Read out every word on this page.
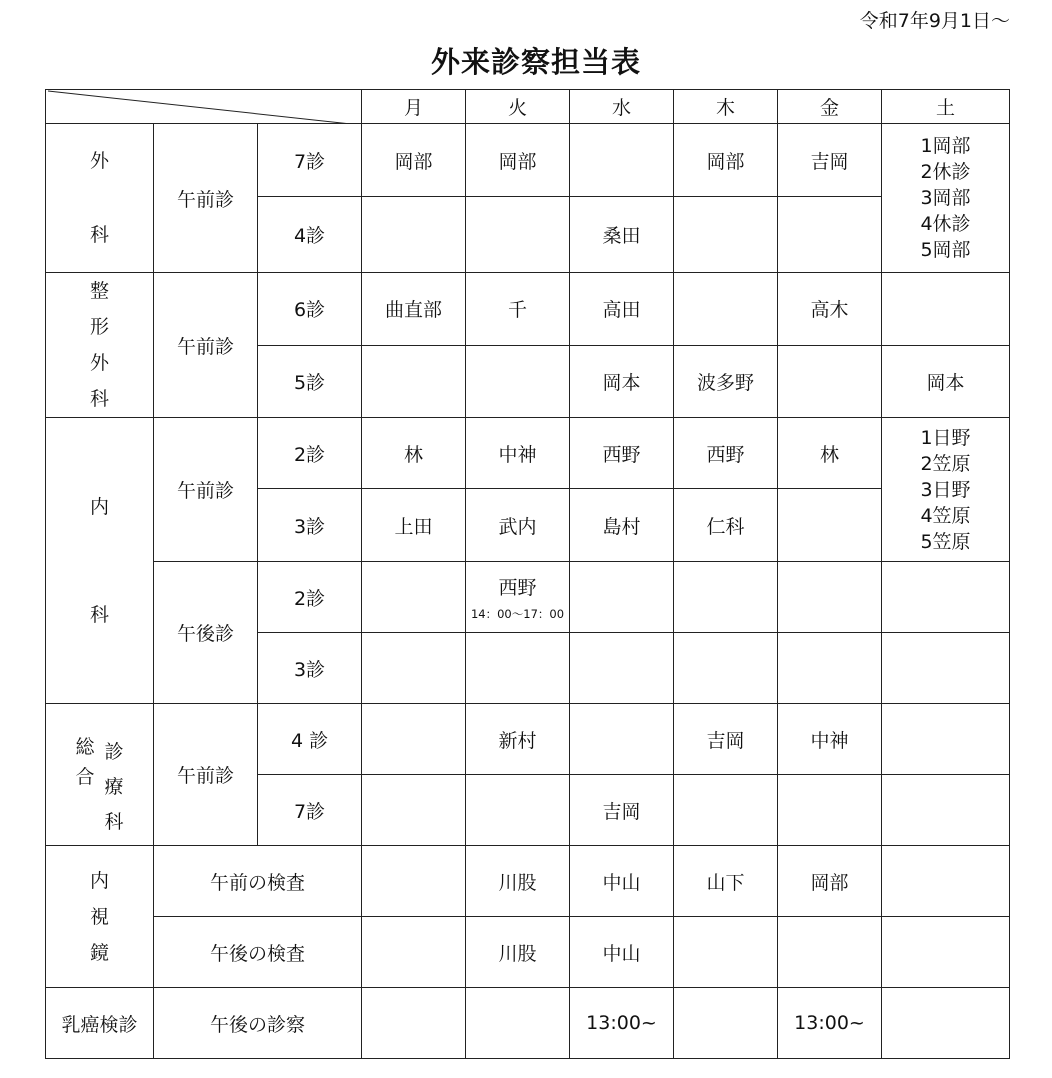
令和7年9月1日～
外来診察担当表
	月	火	水	木	金	土

外
科	午前診	7診	岡部	岡部		岡部	吉岡	1岡部
2休診
3岡部
4休診
5岡部

		4診			桑田			

整
形
外
科	午前診	6診	曲直部	千	高田		高木	
		5診			岡本	波多野		岡本

内
科	午前診	2診	林	中神	西野	西野	林	1日野
2笠原
3日野
4笠原
5笠原

		3診	上田	武内	島村	仁科		
	午後診	2診		西野
14：00～17：00				

		3診						

総
合
診
療
科	午前診	4 診		新村		吉岡	中神	
		7診			吉岡			

内
視
鏡	午前の検査			川股	中山	山下	岡部	
	午後の検査			川股	中山			
乳癌検診	午後の診察				13:00~		13:00~	
